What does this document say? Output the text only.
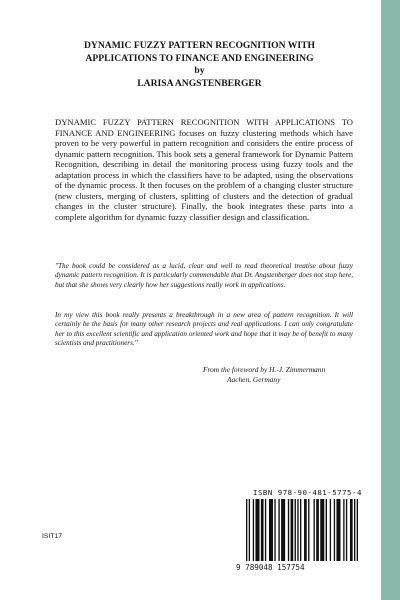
DYNAMIC FUZZY PATTERN RECOGNITION WITH
APPLICATIONS TO FINANCE AND ENGINEERING
by
LARISA ANGSTENBERGER

DYNAMIC FUZZY PATTERN RECOGNITION WITH APPLICATIONS TO FINANCE AND ENGINEERING focuses on fuzzy clustering methods which have proven to be very powerful in pattern recognition and considers the entire process of dynamic pattern recognition. This book sets a general framework for Dynamic Pattern Recognition, describing in detail the monitoring process using fuzzy tools and the adaptation process in which the classifiers have to be adapted, using the observations of the dynamic process. It then focuses on the problem of a changing cluster structure (new clusters, merging of clusters, splitting of clusters and the detection of gradual changes in the cluster structure). Finally, the book integrates these parts into a complete algorithm for dynamic fuzzy classifier design and classification.

"The book could be considered as a lucid, clear and well to read theoretical treatise about fuzzy dynamic pattern recognition. It is particularly commendable that Dr. Angstenberger does not stop here, but that she shows very clearly how her suggestions really work in applications.

In my view this book really presents a breakthrough in a new area of pattern recognition. It will certainly be the basis for many other research projects and real applications. I can only congratulate her to this excellent scientific and application oriented work and hope that it may be of benefit to many scientists and practitioners."

From the foreword by H.-J. Zimmermann
Aachen, Germany
ISBN 978-90-481-5775-4
9 789048 157754
ISIT17
